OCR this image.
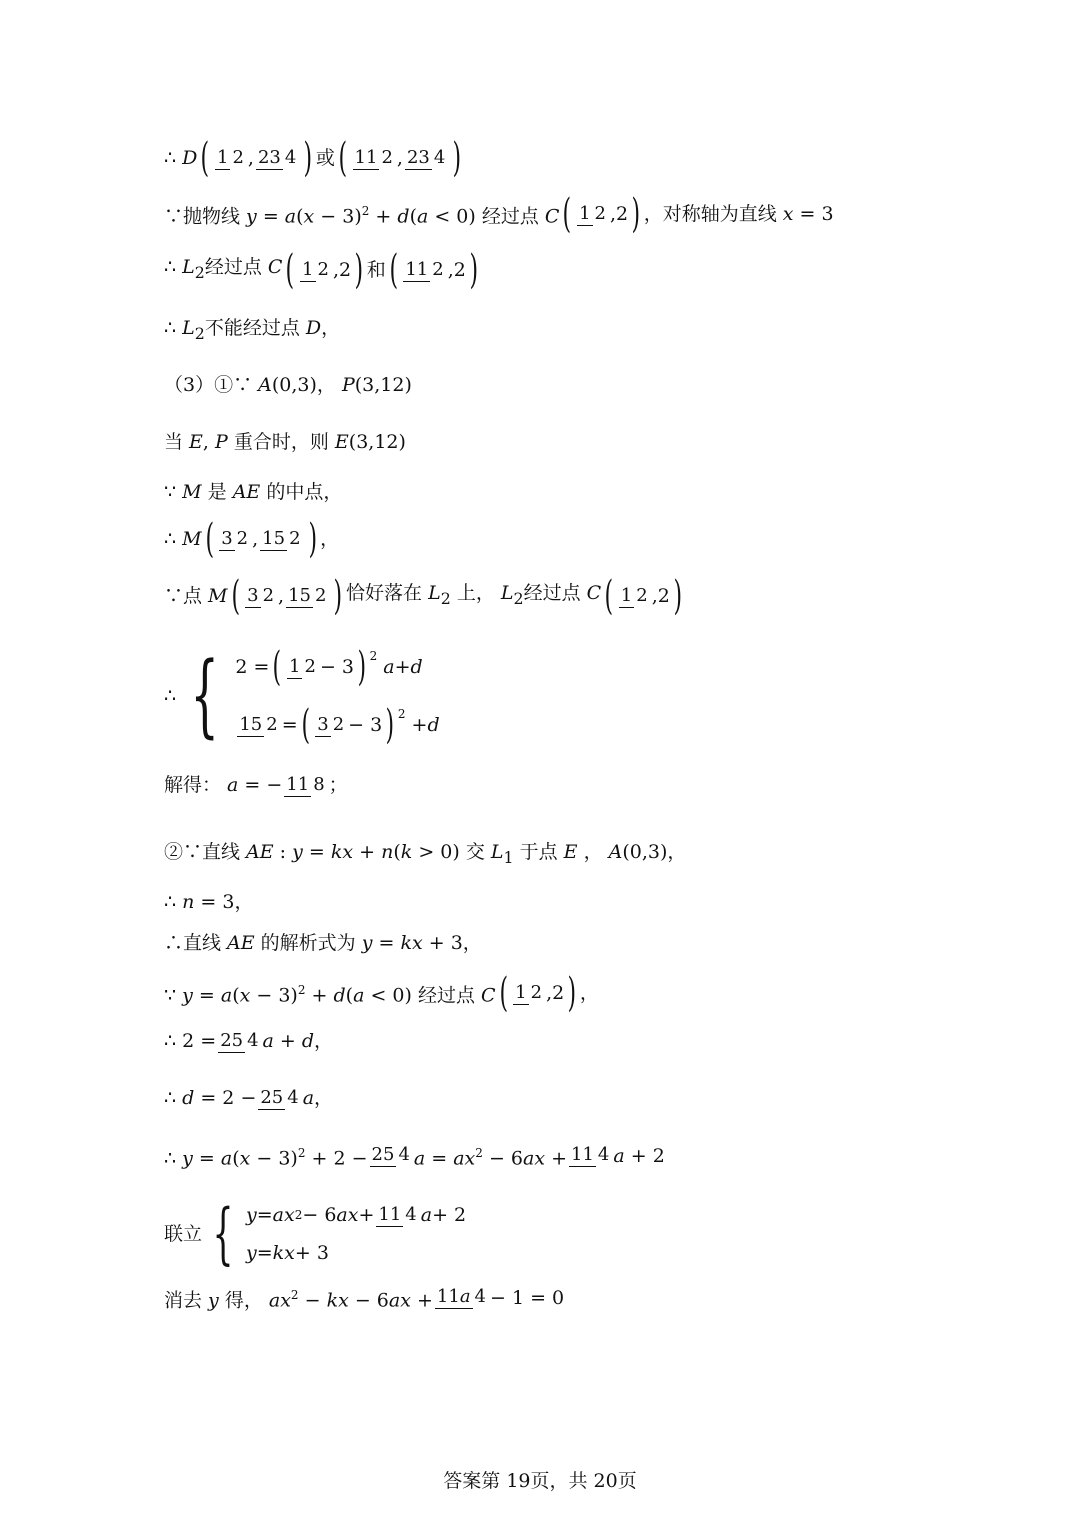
∴
D ( 1 2 , 23 4 ) 或 ( 11 2 , 23 4 )
∵抛物线 $y = a(x - 3)^2 + d(a < 0)$ 经过点 C ( 1 2 ,2 ) ，对称轴为直线 x = 3
∴ $L_2$经过点 C ( 1 2 ,2 ) 和 ( 11 2 ,2 )
∴ $L_2$不能经过点 D，
（3）①∵ A(0,3)， P(3,12)
当 E, P 重合时，则 E(3,12)
∵ M 是 AE 的中点，
∴ M ( 3 2 , 15 2 ) ，
∵点 M ( 3 2 , 15 2 ) 恰好落在 $L_2$ 上， $L_2$经过点 C ( 1 2 ,2 )
∴ { 2 = ( 1 2 − 3 ) $^2$
a + d
15 2 = ( 3 2 − 3 ) $^2$ + d
解得： a = − 11 8 ；
②∵直线 AE : y = kx + n(k > 0) 交 $L_1$ 于点 E ， A(0,3)，
∴ n = 3，
∴直线 AE 的解析式为 y = kx + 3，
∵ $y = a(x - 3)^2 + d(a < 0)$ 经过点 C ( 1 2 ,2 ) ，
∴ 2 = 25 4 a + d，
∴ d = 2 − 25 4 a，
∴ $y = a(x - 3)^2 + 2 - 25$ 4 $a = ax^2 - 6ax + 11$ 4 a + 2
联立 { y = ax 2 − 6 ax + 11 4 a + 2
y = kx + 3
消去 y 得， $ax^2$ − kx − 6ax + 11a 4 − 1 = 0
答案第 19页，共 20页
